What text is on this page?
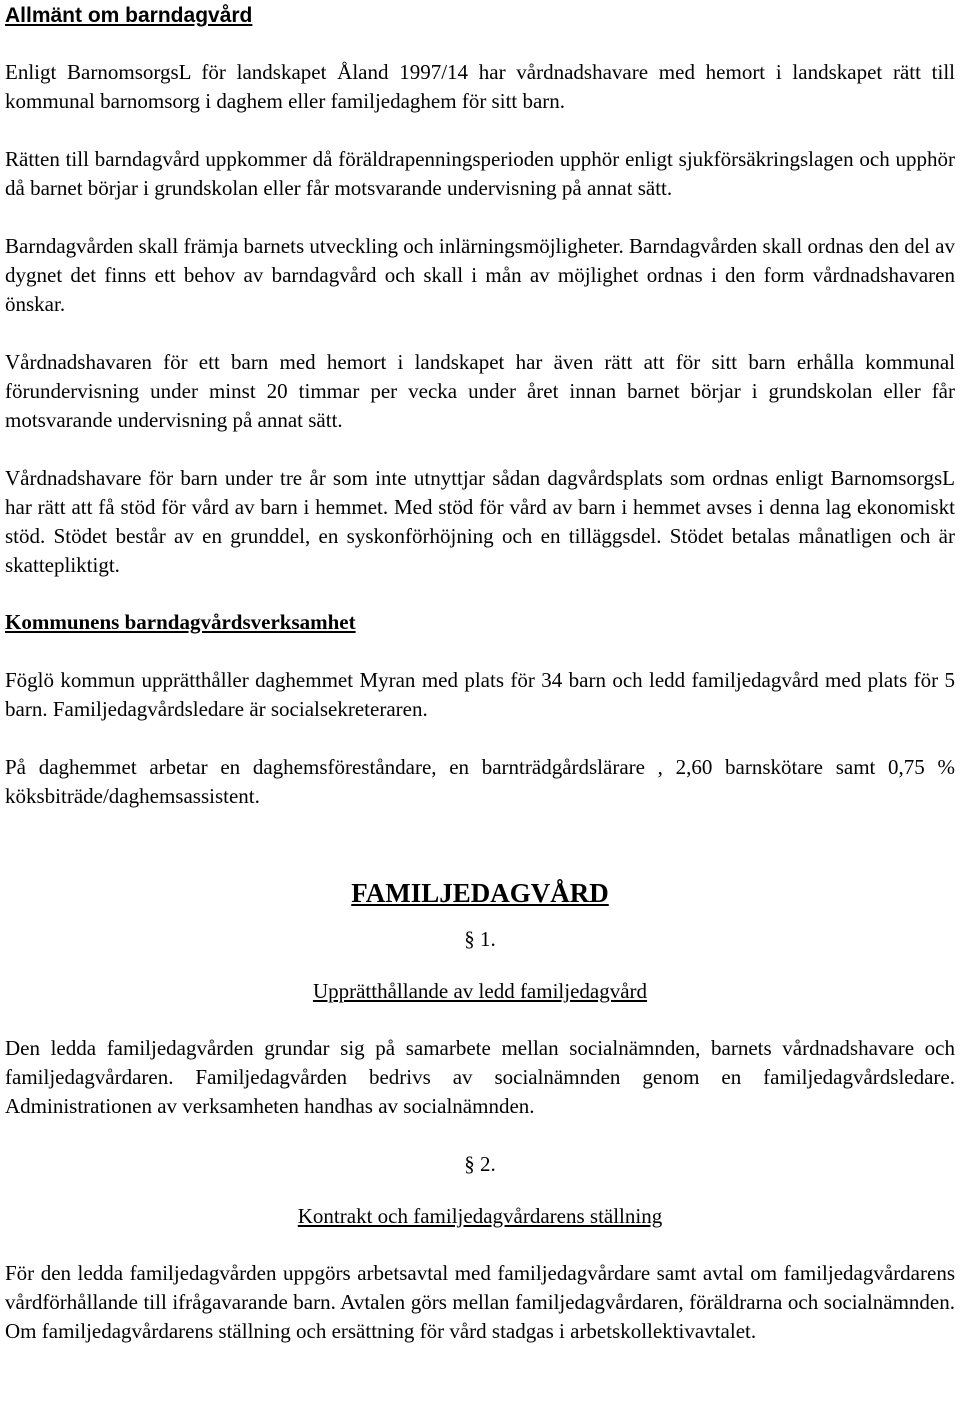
Allmänt om barndagvård

Enligt BarnomsorgsL för landskapet Åland 1997/14 har vårdnadshavare med hemort i landskapet rätt till kommunal barnomsorg i daghem eller familjedaghem för sitt barn.

Rätten till barndagvård uppkommer då föräldrapenningsperioden upphör enligt sjukförsäkringslagen och upphör då barnet börjar i grundskolan eller får motsvarande undervisning på annat sätt.

Barndagvården skall främja barnets utveckling och inlärningsmöjligheter. Barndagvården skall ordnas den del av dygnet det finns ett behov av barndagvård och skall i mån av möjlighet ordnas i den form vårdnadshavaren önskar.

Vårdnadshavaren för ett barn med hemort i landskapet har även rätt att för sitt barn erhålla kommunal förundervisning under minst 20 timmar per vecka under året innan barnet börjar i grundskolan eller får motsvarande undervisning på annat sätt.

Vårdnadshavare för barn under tre år som inte utnyttjar sådan dagvårdsplats som ordnas enligt BarnomsorgsL har rätt att få stöd för vård av barn i hemmet. Med stöd för vård av barn i hemmet avses i denna lag ekonomiskt stöd. Stödet består av en grunddel, en syskonförhöjning och en tilläggsdel. Stödet betalas månatligen och är skattepliktigt.

Kommunens barndagvårdsverksamhet

Föglö kommun upprätthåller daghemmet Myran med plats för 34 barn och ledd familjedagvård med plats för 5 barn. Familjedagvårdsledare är socialsekreteraren.

På daghemmet arbetar en daghemsföreståndare, en barnträdgårdslärare , 2,60 barnskötare samt 0,75 % köksbiträde/daghemsassistent.

FAMILJEDAGVÅRD
§ 1.
Upprätthållande av ledd familjedagvård

Den ledda familjedagvården grundar sig på samarbete mellan socialnämnden, barnets vårdnadshavare och familjedagvårdaren. Familjedagvården bedrivs av socialnämnden genom en familjedagvårdsledare. Administrationen av verksamheten handhas av socialnämnden.

§ 2.
Kontrakt och familjedagvårdarens ställning

För den ledda familjedagvården uppgörs arbetsavtal med familjedagvårdare samt avtal om familjedagvårdarens vårdförhållande till ifrågavarande barn. Avtalen görs mellan familjedagvårdaren, föräldrarna och socialnämnden. Om familjedagvårdarens ställning och ersättning för vård stadgas i arbetskollektivavtalet.
